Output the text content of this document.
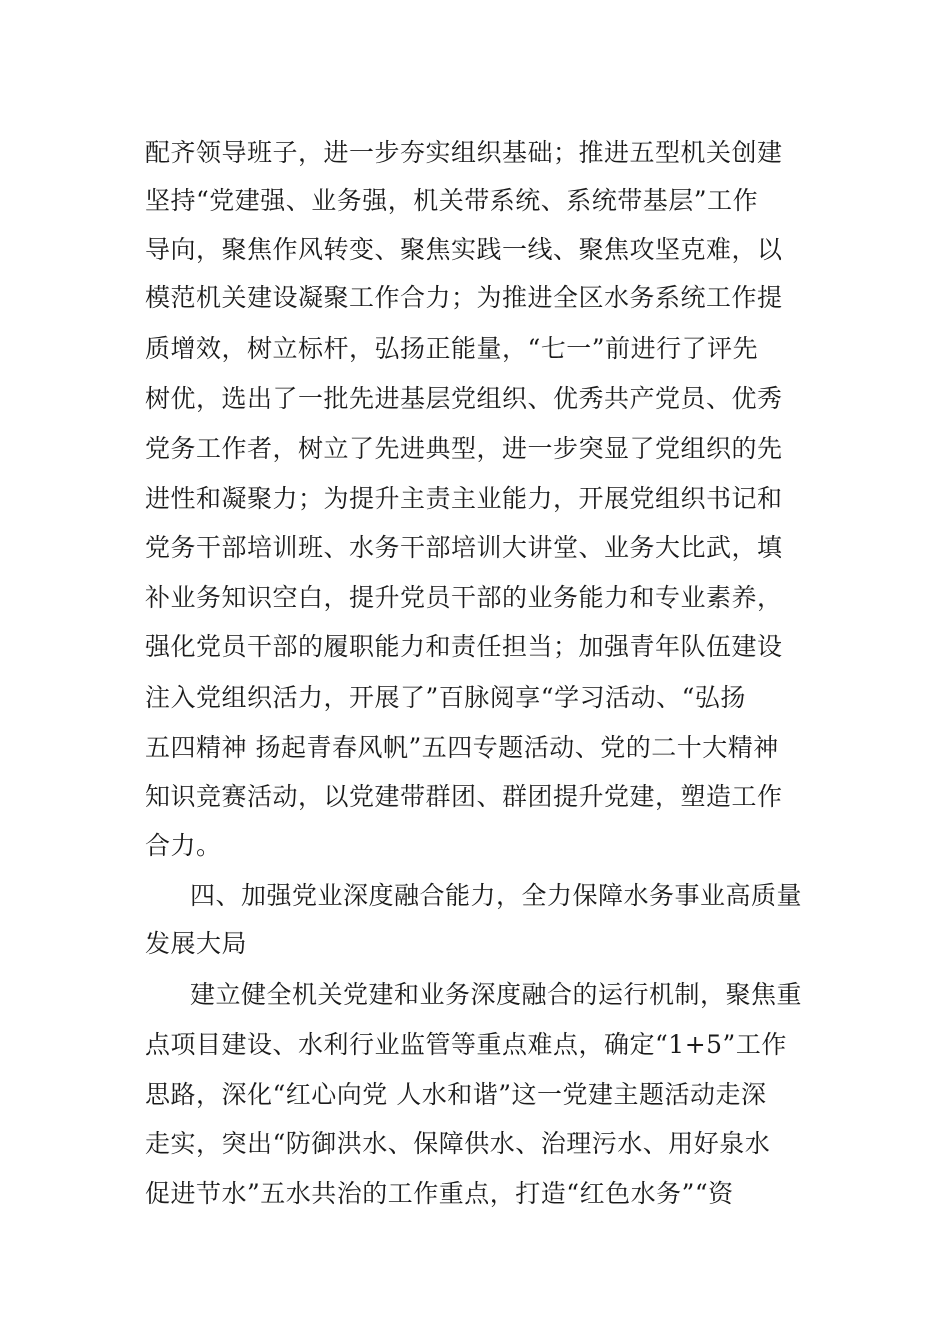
配齐领导班子，进一步夯实组织基础；推进五型机关创建
坚持“党建强、业务强，机关带系统、系统带基层”工作
导向，聚焦作风转变、聚焦实践一线、聚焦攻坚克难，以
模范机关建设凝聚工作合力；为推进全区水务系统工作提
质增效，树立标杆，弘扬正能量，“七一”前进行了评先
树优，选出了一批先进基层党组织、优秀共产党员、优秀
党务工作者，树立了先进典型，进一步突显了党组织的先
进性和凝聚力；为提升主责主业能力，开展党组织书记和
党务干部培训班、水务干部培训大讲堂、业务大比武，填
补业务知识空白，提升党员干部的业务能力和专业素养，
强化党员干部的履职能力和责任担当；加强青年队伍建设
注入党组织活力，开展了”百脉阅享“学习活动、“弘扬
五四精神 扬起青春风帆”五四专题活动、党的二十大精神
知识竞赛活动，以党建带群团、群团提升党建，塑造工作
合力。
四、加强党业深度融合能力，全力保障水务事业高质量
发展大局
建立健全机关党建和业务深度融合的运行机制，聚焦重
点项目建设、水利行业监管等重点难点，确定“1+5”工作
思路，深化“红心向党 人水和谐”这一党建主题活动走深
走实，突出“防御洪水、保障供水、治理污水、用好泉水
促进节水”五水共治的工作重点，打造“红色水务”“资
